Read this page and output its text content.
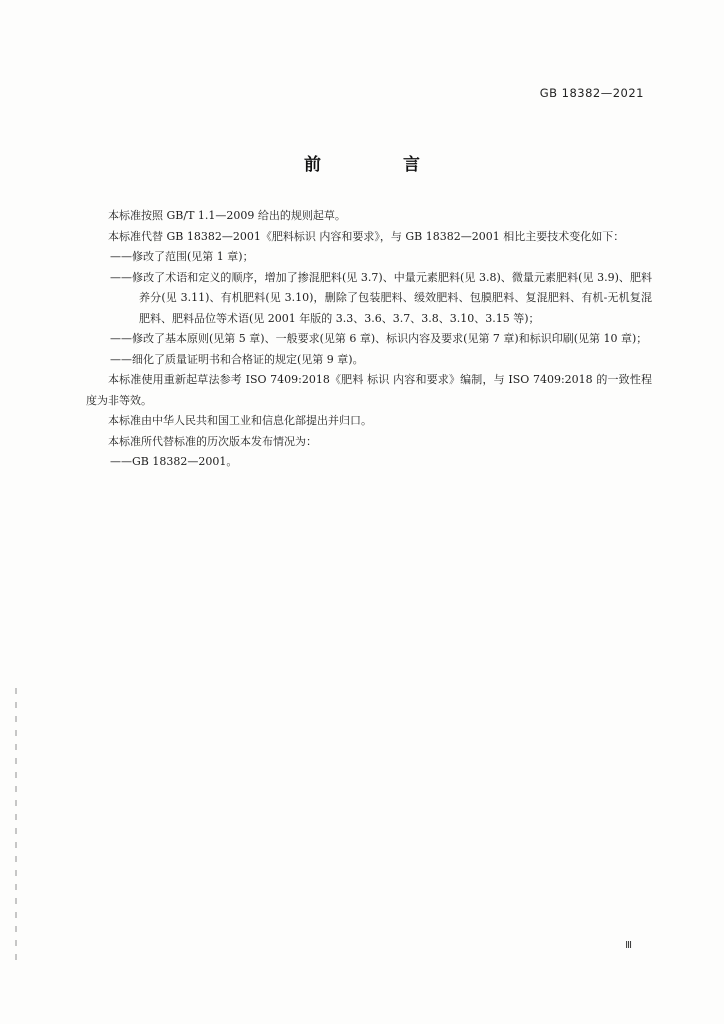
GB 18382—2021
前 言

本标准按照 GB/T 1.1—2009 给出的规则起草。

本标准代替 GB 18382—2001《肥料标识 内容和要求》，与 GB 18382—2001 相比主要技术变化如下：

——修改了范围(见第 1 章)；

——修改了术语和定义的顺序，增加了掺混肥料(见 3.7)、中量元素肥料(见 3.8)、微量元素肥料(见 3.9)、肥料养分(见 3.11)、有机肥料(见 3.10)，删除了包装肥料、缓效肥料、包膜肥料、复混肥料、有机-无机复混肥料、肥料品位等术语(见 2001 年版的 3.3、3.6、3.7、3.8、3.10、3.15 等)；

——修改了基本原则(见第 5 章)、一般要求(见第 6 章)、标识内容及要求(见第 7 章)和标识印刷(见第 10 章)；

——细化了质量证明书和合格证的规定(见第 9 章)。

本标准使用重新起草法参考 ISO 7409:2018《肥料 标识 内容和要求》编制，与 ISO 7409:2018 的一致性程度为非等效。

本标准由中华人民共和国工业和信息化部提出并归口。

本标准所代替标准的历次版本发布情况为：

——GB 18382—2001。

Ⅲ
